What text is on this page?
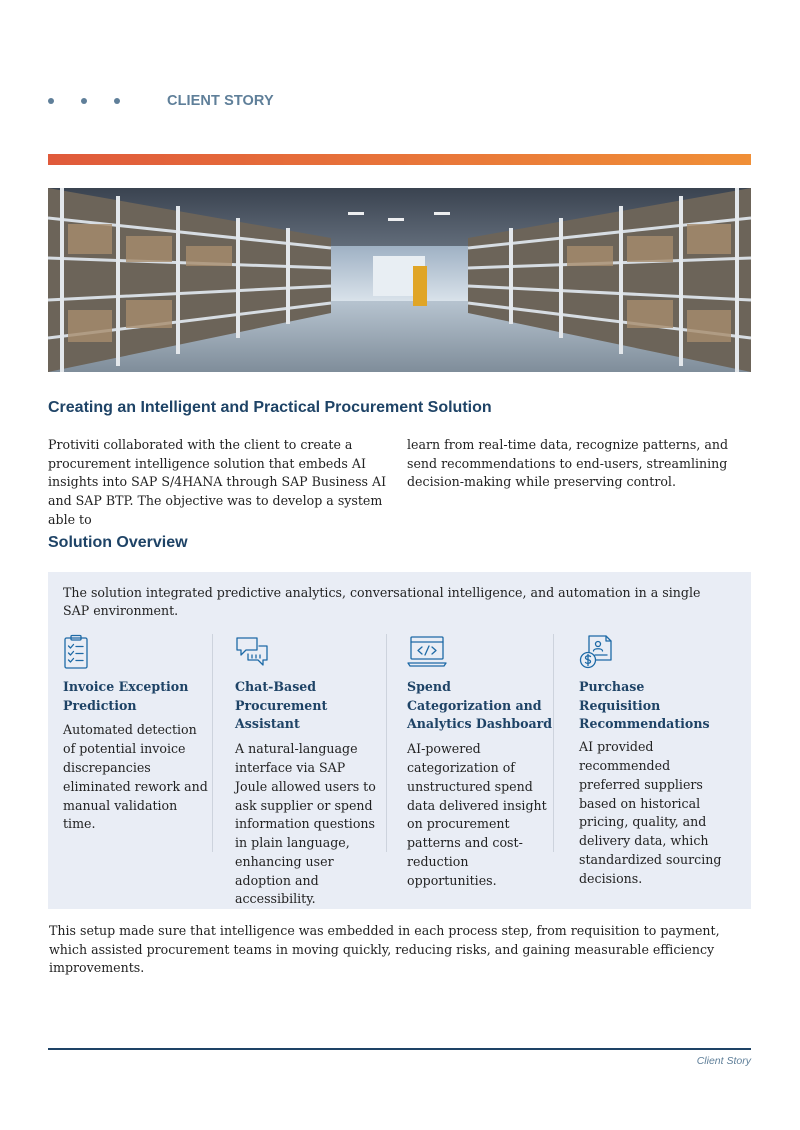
CLIENT STORY
Creating an Intelligent and Practical Procurement Solution
Protiviti collaborated with the client to create a procurement intelligence solution that embeds AI insights into SAP S/4HANA through SAP Business AI and SAP BTP. The objective was to develop a system able to
learn from real-time data, recognize patterns, and send recommendations to end-users, streamlining decision-making while preserving control.
Solution Overview
The solution integrated predictive analytics, conversational intelligence, and automation in a single SAP environment.
Invoice Exception Prediction
Automated detection of potential invoice discrepancies eliminated rework and manual validation time.
Chat-Based Procurement Assistant
A natural-language interface via SAP Joule allowed users to ask supplier or spend information questions in plain language, enhancing user adoption and accessibility.
Spend Categorization and Analytics Dashboard
AI-powered categorization of unstructured spend data delivered insight on procurement patterns and cost-reduction opportunities.
Purchase Requisition Recommendations
AI provided recommended preferred suppliers based on historical pricing, quality, and delivery data, which standardized sourcing decisions.
This setup made sure that intelligence was embedded in each process step, from requisition to payment, which assisted procurement teams in moving quickly, reducing risks, and gaining measurable efficiency improvements.
Client Story
